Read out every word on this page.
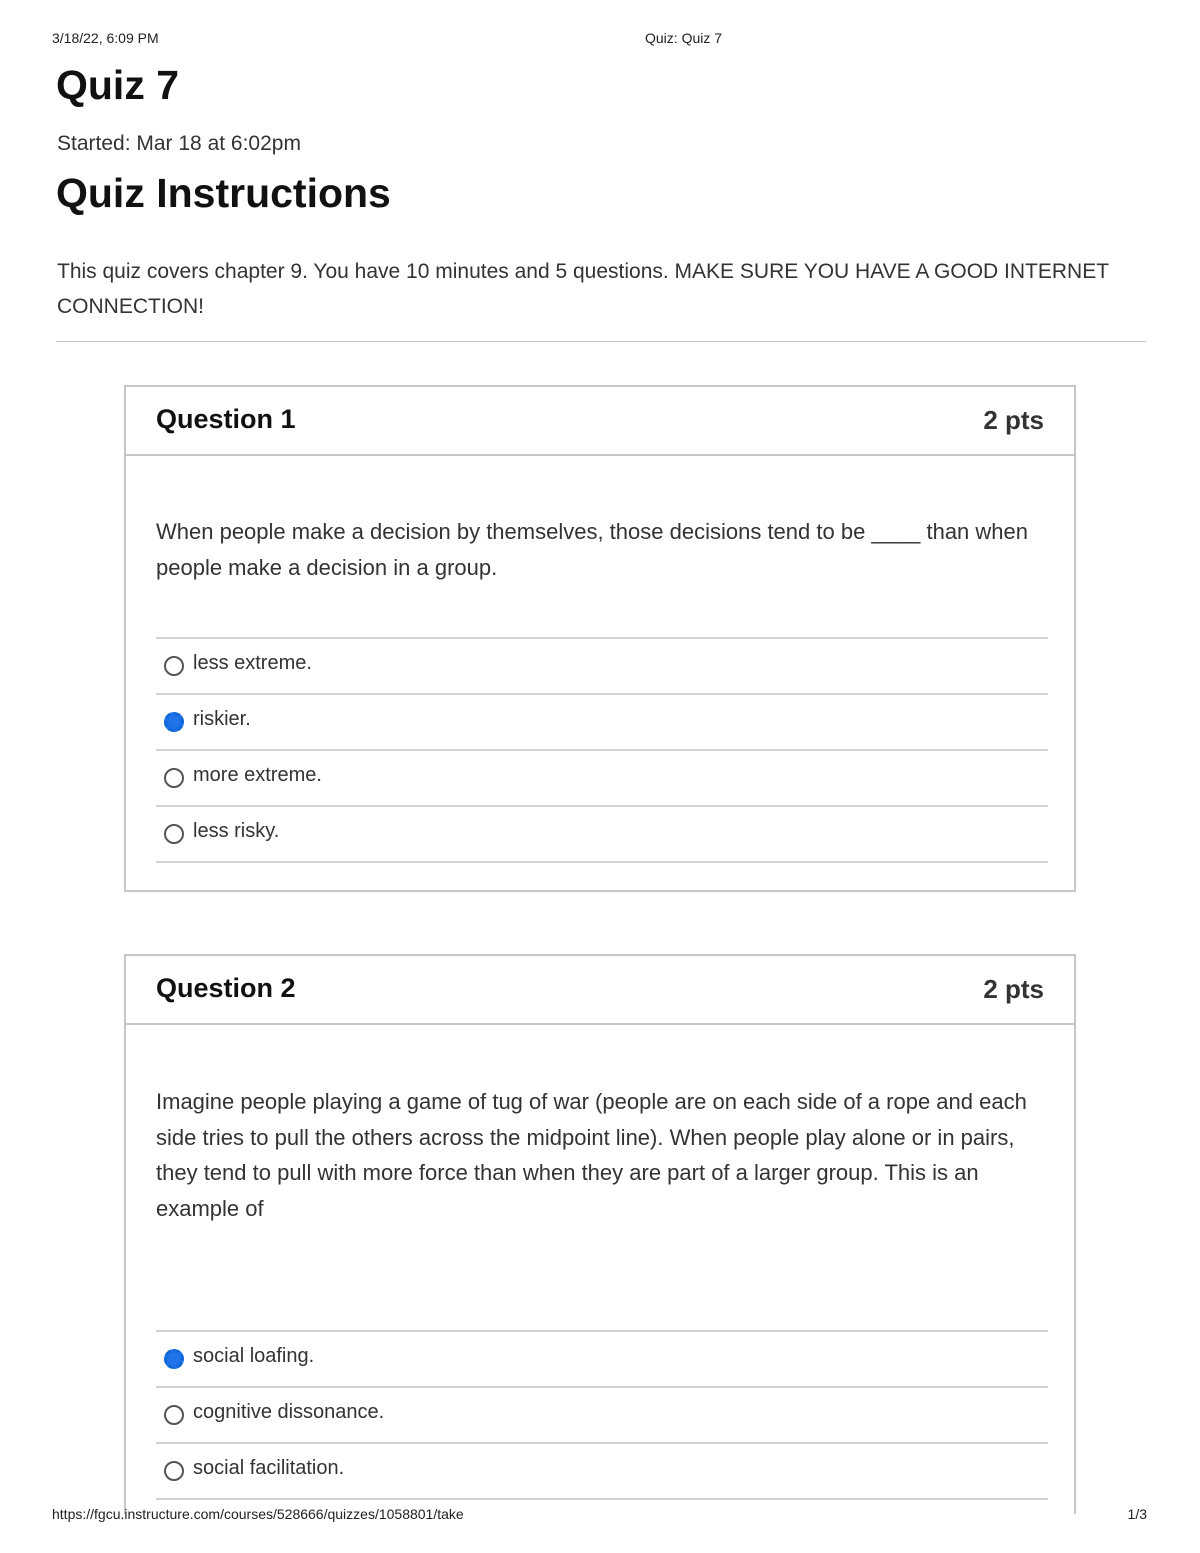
3/18/22, 6:09 PM	Quiz: Quiz 7
Quiz 7
Started: Mar 18 at 6:02pm
Quiz Instructions

This quiz covers chapter 9. You have 10 minutes and 5 questions. MAKE SURE YOU HAVE A GOOD INTERNET CONNECTION!

Question 1	2 pts

When people make a decision by themselves, those decisions tend to be ____ than when people make a decision in a group.

less extreme.
riskier.
more extreme.
less risky.
Question 2	2 pts

Imagine people playing a game of tug of war (people are on each side of a rope and each side tries to pull the others across the midpoint line). When people play alone or in pairs, they tend to pull with more force than when they are part of a larger group. This is an example of

social loafing.
cognitive dissonance.
social facilitation.
https://fgcu.instructure.com/courses/528666/quizzes/1058801/take	1/3
